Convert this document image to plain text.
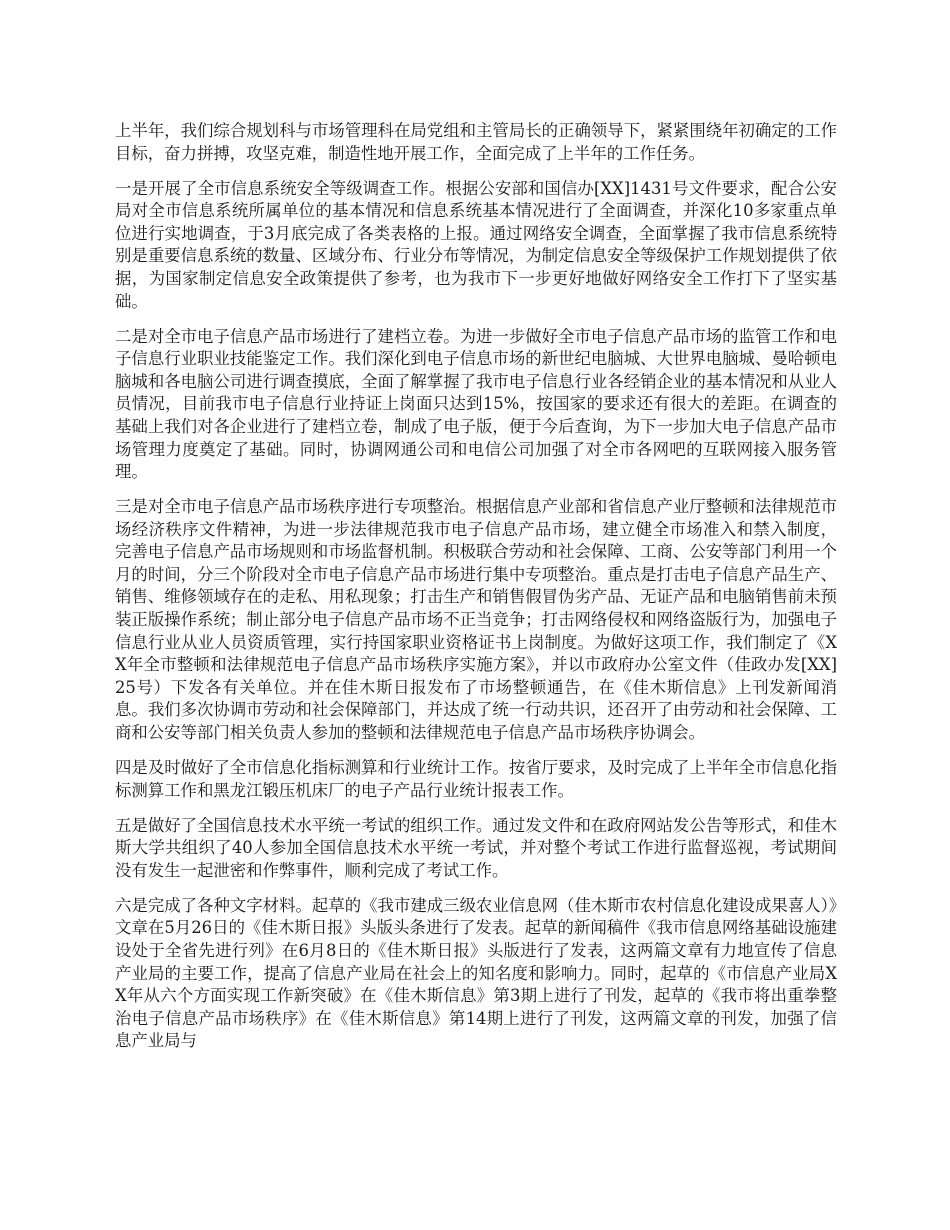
上半年，我们综合规划科与市场管理科在局党组和主管局长的正确领导下，紧紧围绕年初确定的工作目标，奋力拼搏，攻坚克难，制造性地开展工作，全面完成了上半年的工作任务。

一是开展了全市信息系统安全等级调查工作。根据公安部和国信办[XX]1431号文件要求，配合公安局对全市信息系统所属单位的基本情况和信息系统基本情况进行了全面调查，并深化10多家重点单位进行实地调查，于3月底完成了各类表格的上报。通过网络安全调查，全面掌握了我市信息系统特别是重要信息系统的数量、区域分布、行业分布等情况，为制定信息安全等级保护工作规划提供了依据，为国家制定信息安全政策提供了参考，也为我市下一步更好地做好网络安全工作打下了坚实基础。

二是对全市电子信息产品市场进行了建档立卷。为进一步做好全市电子信息产品市场的监管工作和电子信息行业职业技能鉴定工作。我们深化到电子信息市场的新世纪电脑城、大世界电脑城、曼哈顿电脑城和各电脑公司进行调查摸底，全面了解掌握了我市电子信息行业各经销企业的基本情况和从业人员情况，目前我市电子信息行业持证上岗面只达到15%，按国家的要求还有很大的差距。在调查的基础上我们对各企业进行了建档立卷，制成了电子版，便于今后查询，为下一步加大电子信息产品市场管理力度奠定了基础。同时，协调网通公司和电信公司加强了对全市各网吧的互联网接入服务管理。

三是对全市电子信息产品市场秩序进行专项整治。根据信息产业部和省信息产业厅整顿和法律规范市场经济秩序文件精神，为进一步法律规范我市电子信息产品市场，建立健全市场准入和禁入制度， 完善电子信息产品市场规则和市场监督机制。积极联合劳动和社会保障、工商、公安等部门利用一个月的时间，分三个阶段对全市电子信息产品市场进行集中专项整治。重点是打击电子信息产品生产、销售、维修领域存在的走私、用私现象；打击生产和销售假冒伪劣产品、无证产品和电脑销售前未预装正版操作系统；制止部分电子信息产品市场不正当竞争；打击网络侵权和网络盗版行为，加强电子信息行业从业人员资质管理，实行持国家职业资格证书上岗制度。为做好这项工作，我们制定了《XX年全市整顿和法律规范电子信息产品市场秩序实施方案》，并以市政府办公室文件（佳政办发[XX]25号）下发各有关单位。并在佳木斯日报发布了市场整顿通告，在《佳木斯信息》上刊发新闻消息。我们多次协调市劳动和社会保障部门，并达成了统一行动共识，还召开了由劳动和社会保障、工商和公安等部门相关负责人参加的整顿和法律规范电子信息产品市场秩序协调会。

四是及时做好了全市信息化指标测算和行业统计工作。按省厅要求，及时完成了上半年全市信息化指标测算工作和黑龙江锻压机床厂的电子产品行业统计报表工作。

五是做好了全国信息技术水平统一考试的组织工作。通过发文件和在政府网站发公告等形式，和佳木斯大学共组织了40人参加全国信息技术水平统一考试，并对整个考试工作进行监督巡视，考试期间没有发生一起泄密和作弊事件，顺利完成了考试工作。

六是完成了各种文字材料。起草的《我市建成三级农业信息网（佳木斯市农村信息化建设成果喜人）》文章在5月26日的《佳木斯日报》头版头条进行了发表。起草的新闻稿件《我市信息网络基础设施建设处于全省先进行列》在6月8日的《佳木斯日报》头版进行了发表，这两篇文章有力地宣传了信息产业局的主要工作，提高了信息产业局在社会上的知名度和影响力。同时，起草的《市信息产业局XX年从六个方面实现工作新突破》在《佳木斯信息》第3期上进行了刊发，起草的《我市将出重拳整治电子信息产品市场秩序》在《佳木斯信息》第14期上进行了刊发，这两篇文章的刊发，加强了信息产业局与
